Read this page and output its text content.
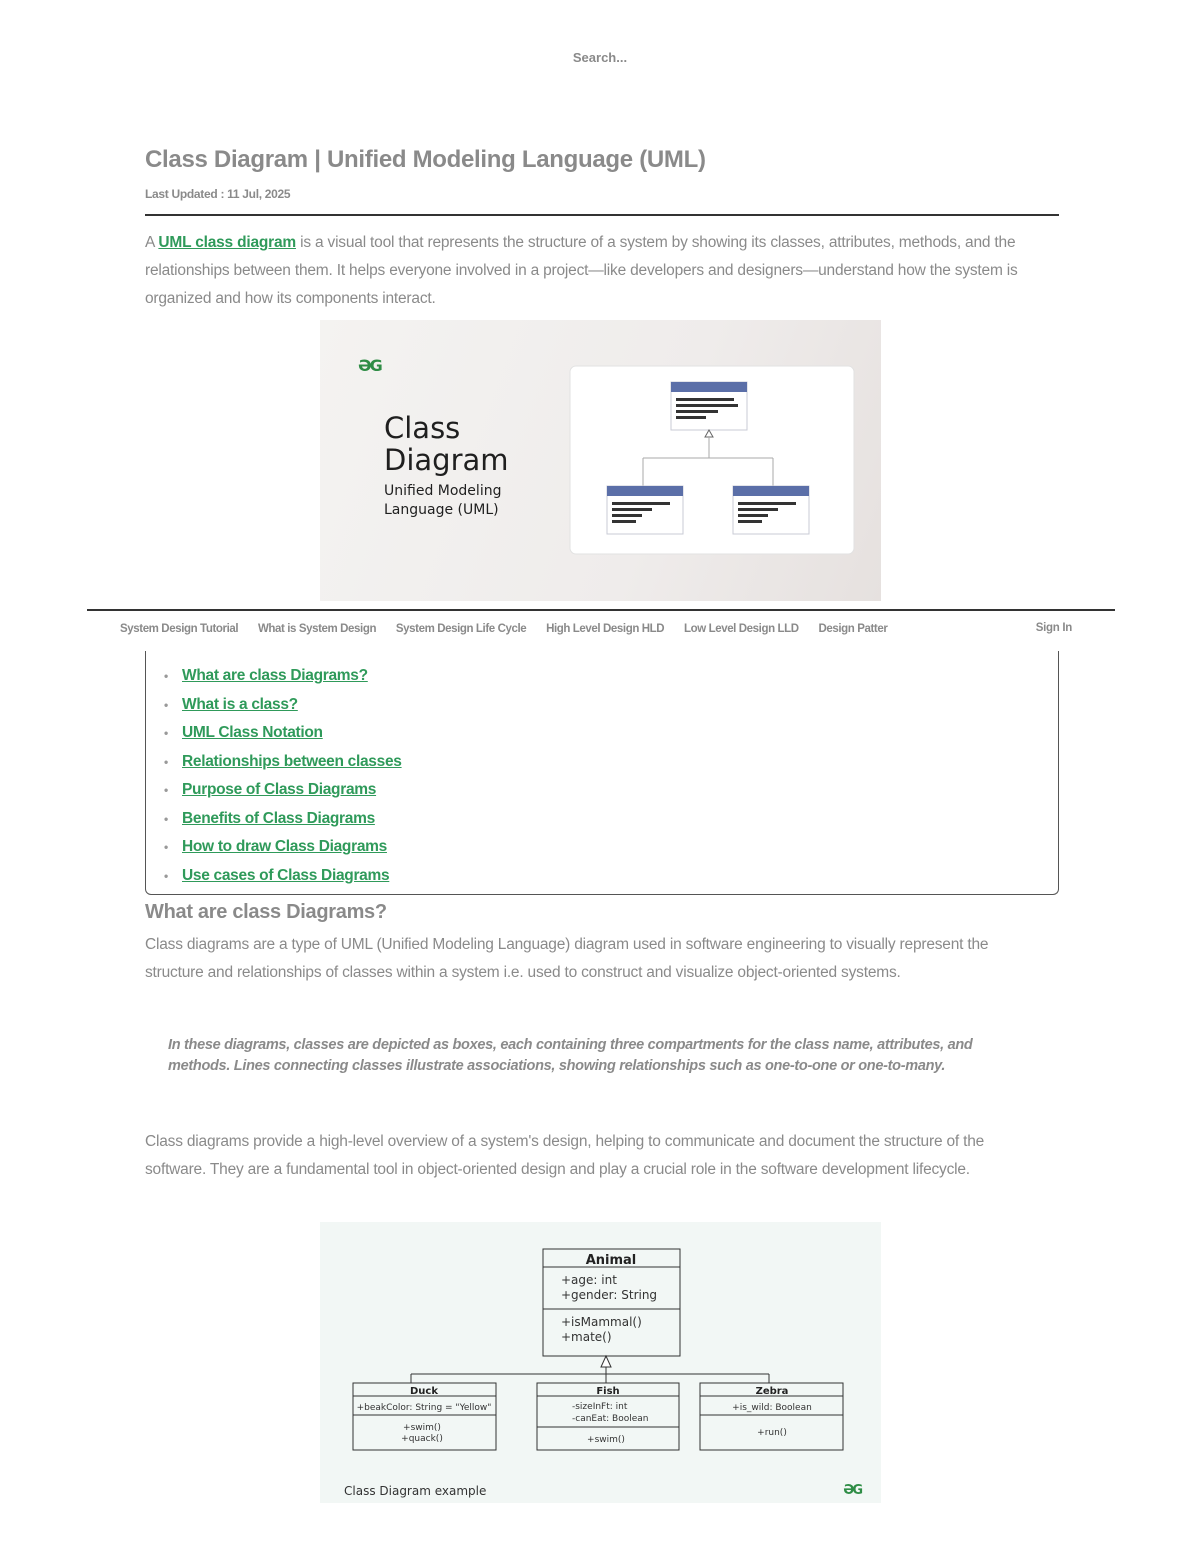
Search...
Class Diagram | Unified Modeling Language (UML)
Last Updated : 11 Jul, 2025

A UML class diagram is a visual tool that represents the structure of a system by showing its classes, attributes, methods, and the relationships between them. It helps everyone involved in a project—like developers and designers—understand how the system is organized and how its components interact.

ƏG
Class
Diagram
Unified Modeling
Language (UML)
System Design Tutorial What is System Design System Design Life Cycle High Level Design HLD Low Level Design LLD Design Patter	Sign In
• What are class Diagrams?
• What is a class?
• UML Class Notation
• Relationships between classes
• Purpose of Class Diagrams
• Benefits of Class Diagrams
• How to draw Class Diagrams
• Use cases of Class Diagrams
What are class Diagrams?

Class diagrams are a type of UML (Unified Modeling Language) diagram used in software engineering to visually represent the structure and relationships of classes within a system i.e. used to construct and visualize object-oriented systems.

In these diagrams, classes are depicted as boxes, each containing three compartments for the class name, attributes, and methods. Lines connecting classes illustrate associations, showing relationships such as one-to-one or one-to-many.

Class diagrams provide a high-level overview of a system's design, helping to communicate and document the structure of the software. They are a fundamental tool in object-oriented design and play a crucial role in the software development lifecycle.

Animal
+age: int
+gender: String
+isMammal()
+mate()
Duck
+beakColor: String = "Yellow"
+swim()
+quack()
Fish
-sizeInFt: int
-canEat: Boolean
+swim()
Zebra
+is_wild: Boolean
+run()
Class Diagram example	ƏG
